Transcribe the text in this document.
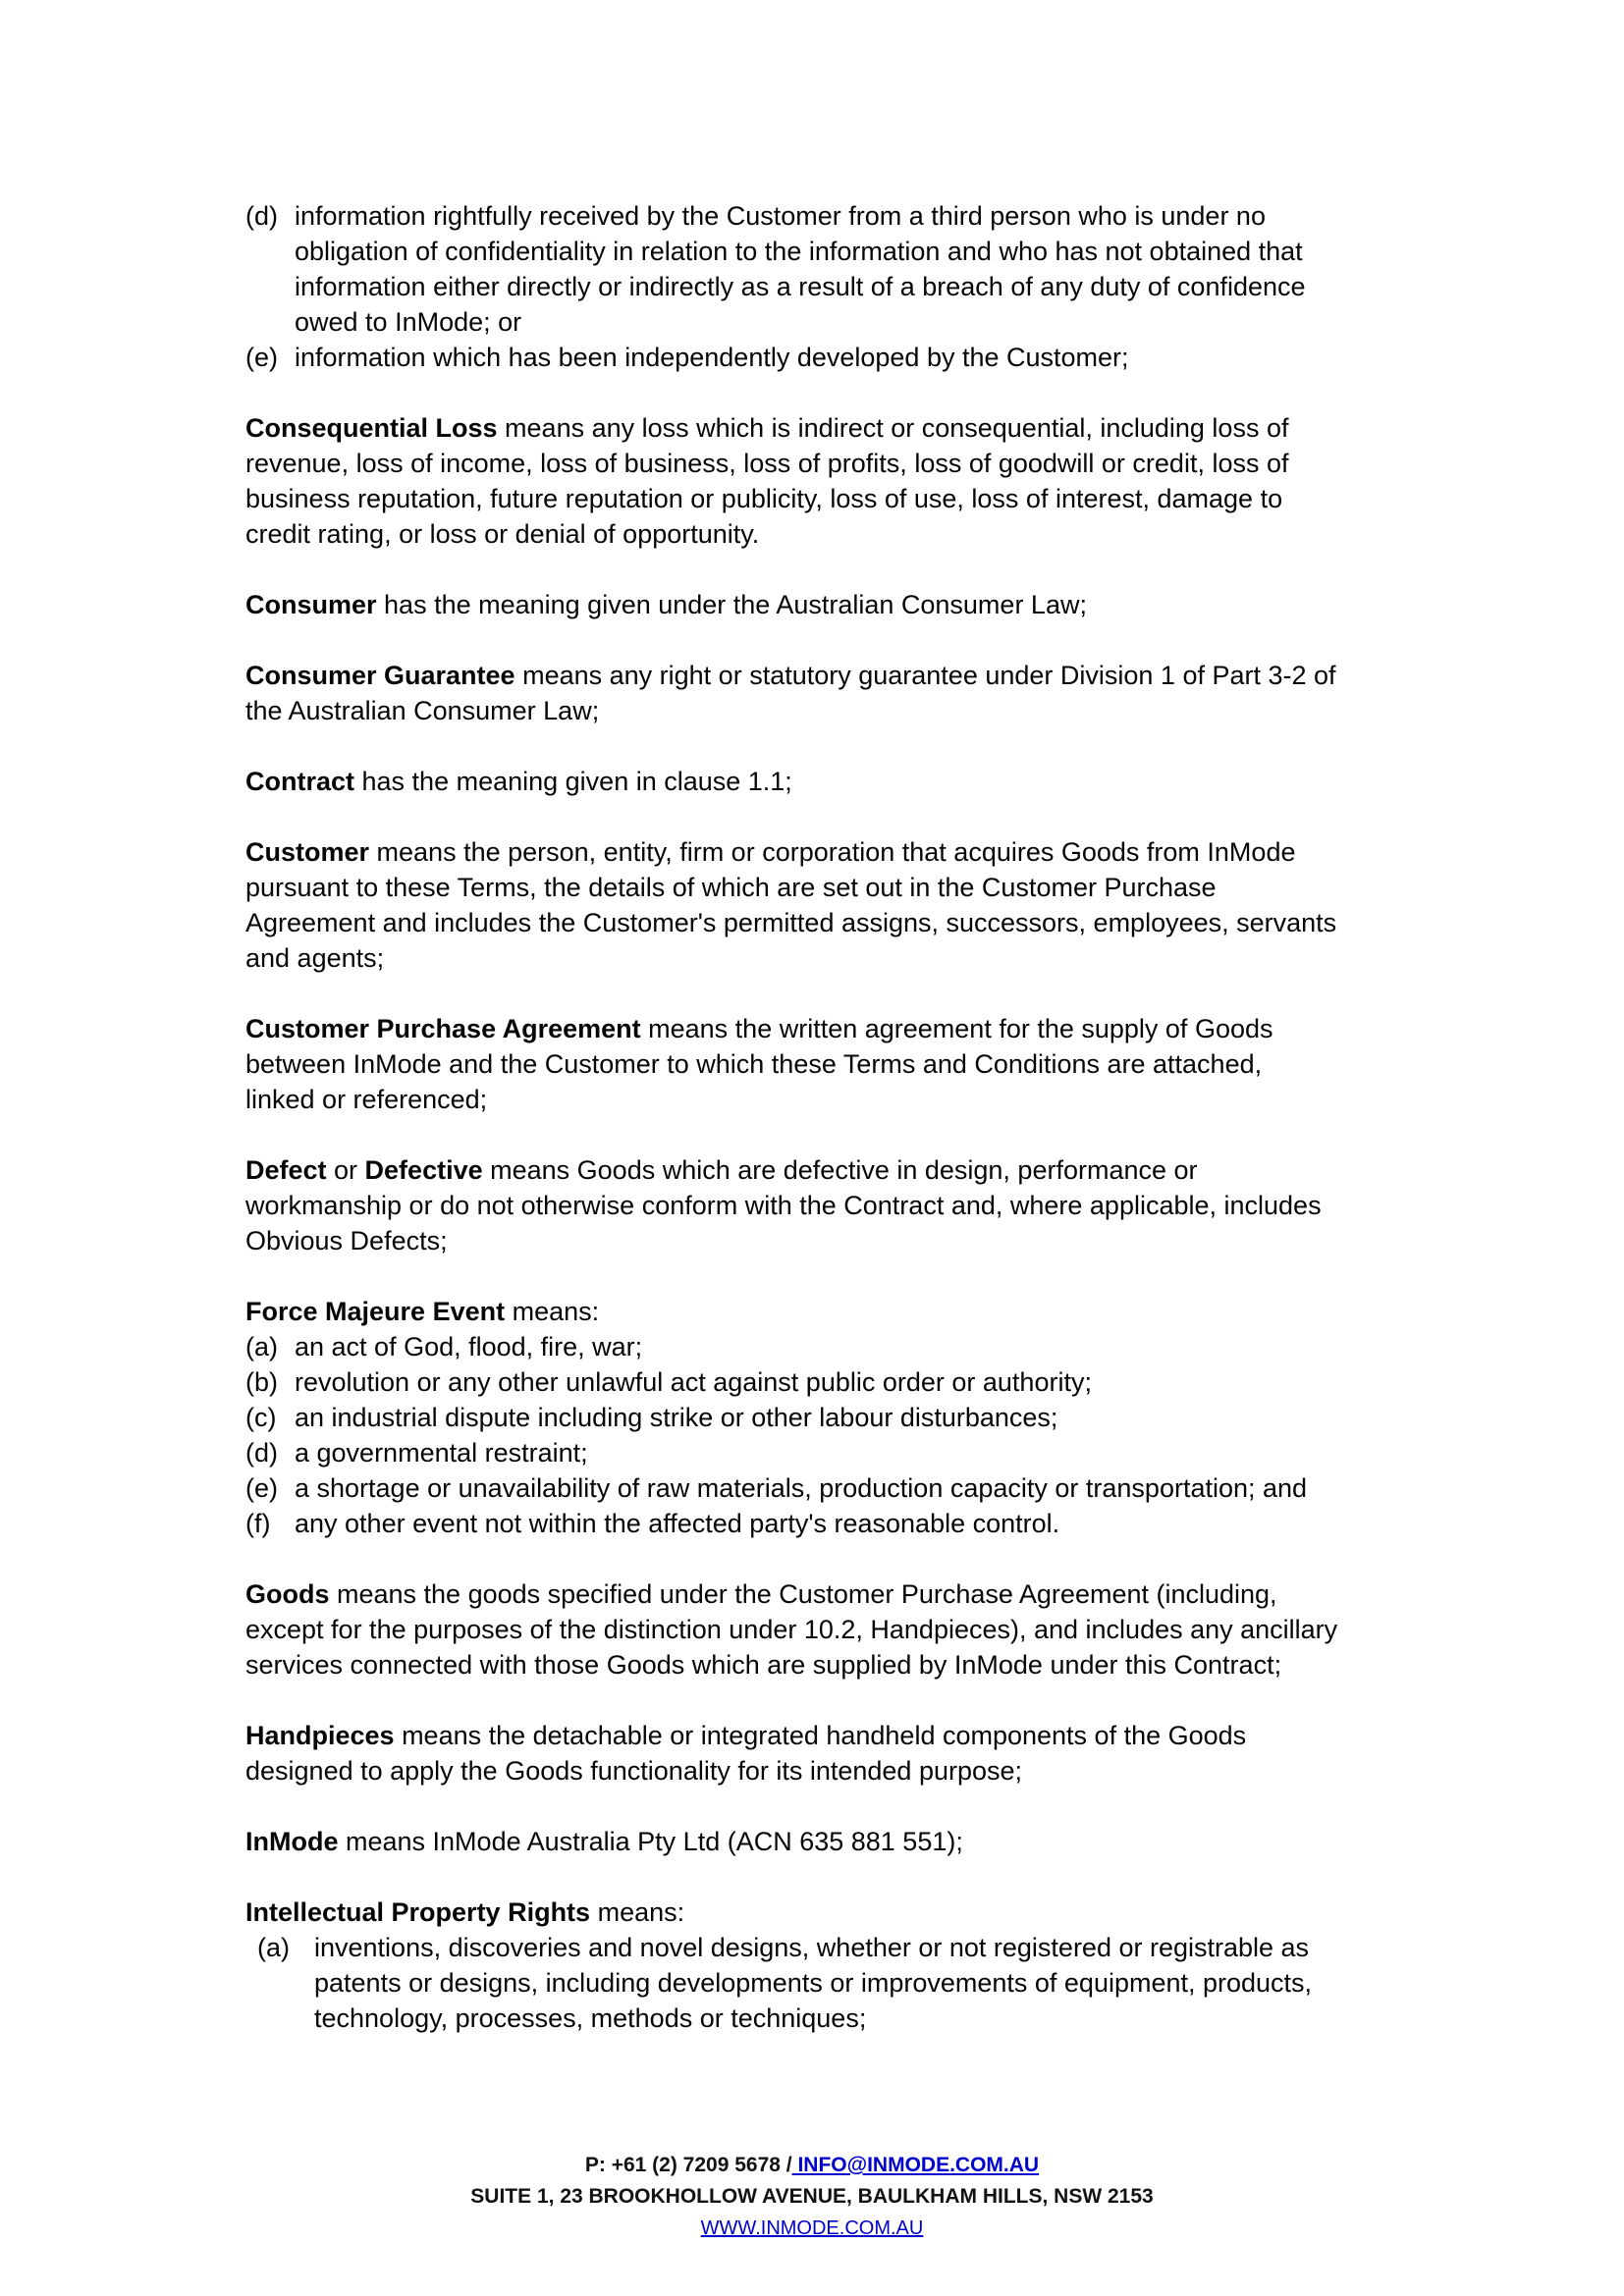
(d) information rightfully received by the Customer from a third person who is under no
obligation of confidentiality in relation to the information and who has not obtained that
information either directly or indirectly as a result of a breach of any duty of confidence
owed to InMode; or
(e) information which has been independently developed by the Customer;
Consequential Loss means any loss which is indirect or consequential, including loss of
revenue, loss of income, loss of business, loss of profits, loss of goodwill or credit, loss of
business reputation, future reputation or publicity, loss of use, loss of interest, damage to
credit rating, or loss or denial of opportunity.
Consumer has the meaning given under the Australian Consumer Law;
Consumer Guarantee means any right or statutory guarantee under Division 1 of Part 3-2 of
the Australian Consumer Law;
Contract has the meaning given in clause 1.1;
Customer means the person, entity, firm or corporation that acquires Goods from InMode
pursuant to these Terms, the details of which are set out in the Customer Purchase
Agreement and includes the Customer's permitted assigns, successors, employees, servants
and agents;
Customer Purchase Agreement means the written agreement for the supply of Goods
between InMode and the Customer to which these Terms and Conditions are attached,
linked or referenced;
Defect or Defective means Goods which are defective in design, performance or
workmanship or do not otherwise conform with the Contract and, where applicable, includes
Obvious Defects;
Force Majeure Event means:
(a) an act of God, flood, fire, war;
(b) revolution or any other unlawful act against public order or authority;
(c) an industrial dispute including strike or other labour disturbances;
(d) a governmental restraint;
(e) a shortage or unavailability of raw materials, production capacity or transportation; and
(f) any other event not within the affected party's reasonable control.
Goods means the goods specified under the Customer Purchase Agreement (including,
except for the purposes of the distinction under 10.2, Handpieces), and includes any ancillary
services connected with those Goods which are supplied by InMode under this Contract;
Handpieces means the detachable or integrated handheld components of the Goods
designed to apply the Goods functionality for its intended purpose;
InMode means InMode Australia Pty Ltd (ACN 635 881 551);
Intellectual Property Rights means:
(a) inventions, discoveries and novel designs, whether or not registered or registrable as
patents or designs, including developments or improvements of equipment, products,
technology, processes, methods or techniques;
P: +61 (2) 7209 5678 / INFO@INMODE.COM.AU
SUITE 1, 23 BROOKHOLLOW AVENUE, BAULKHAM HILLS, NSW 2153
WWW.INMODE.COM.AU
